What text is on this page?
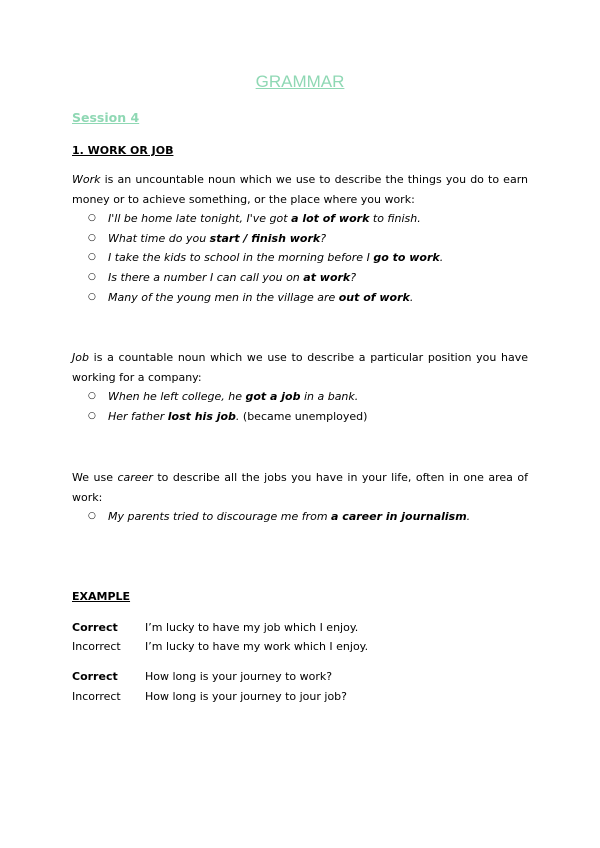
GRAMMAR
Session 4
1. WORK OR JOB
Work is an uncountable noun which we use to describe the things you do to earn money or to achieve something, or the place where you work:
○ I'll be home late tonight, I've got a lot of work to finish.
○ What time do you start / finish work?
○ I take the kids to school in the morning before I go to work.
○ Is there a number I can call you on at work?
○ Many of the young men in the village are out of work.
Job is a countable noun which we use to describe a particular position you have working for a company:
○ When he left college, he got a job in a bank.
○ Her father lost his job. (became unemployed)
We use career to describe all the jobs you have in your life, often in one area of work:
○ My parents tried to discourage me from a career in journalism.
EXAMPLE
Correct I’m lucky to have my job which I enjoy.
Incorrect I’m lucky to have my work which I enjoy.
Correct How long is your journey to work?
Incorrect How long is your journey to jour job?
